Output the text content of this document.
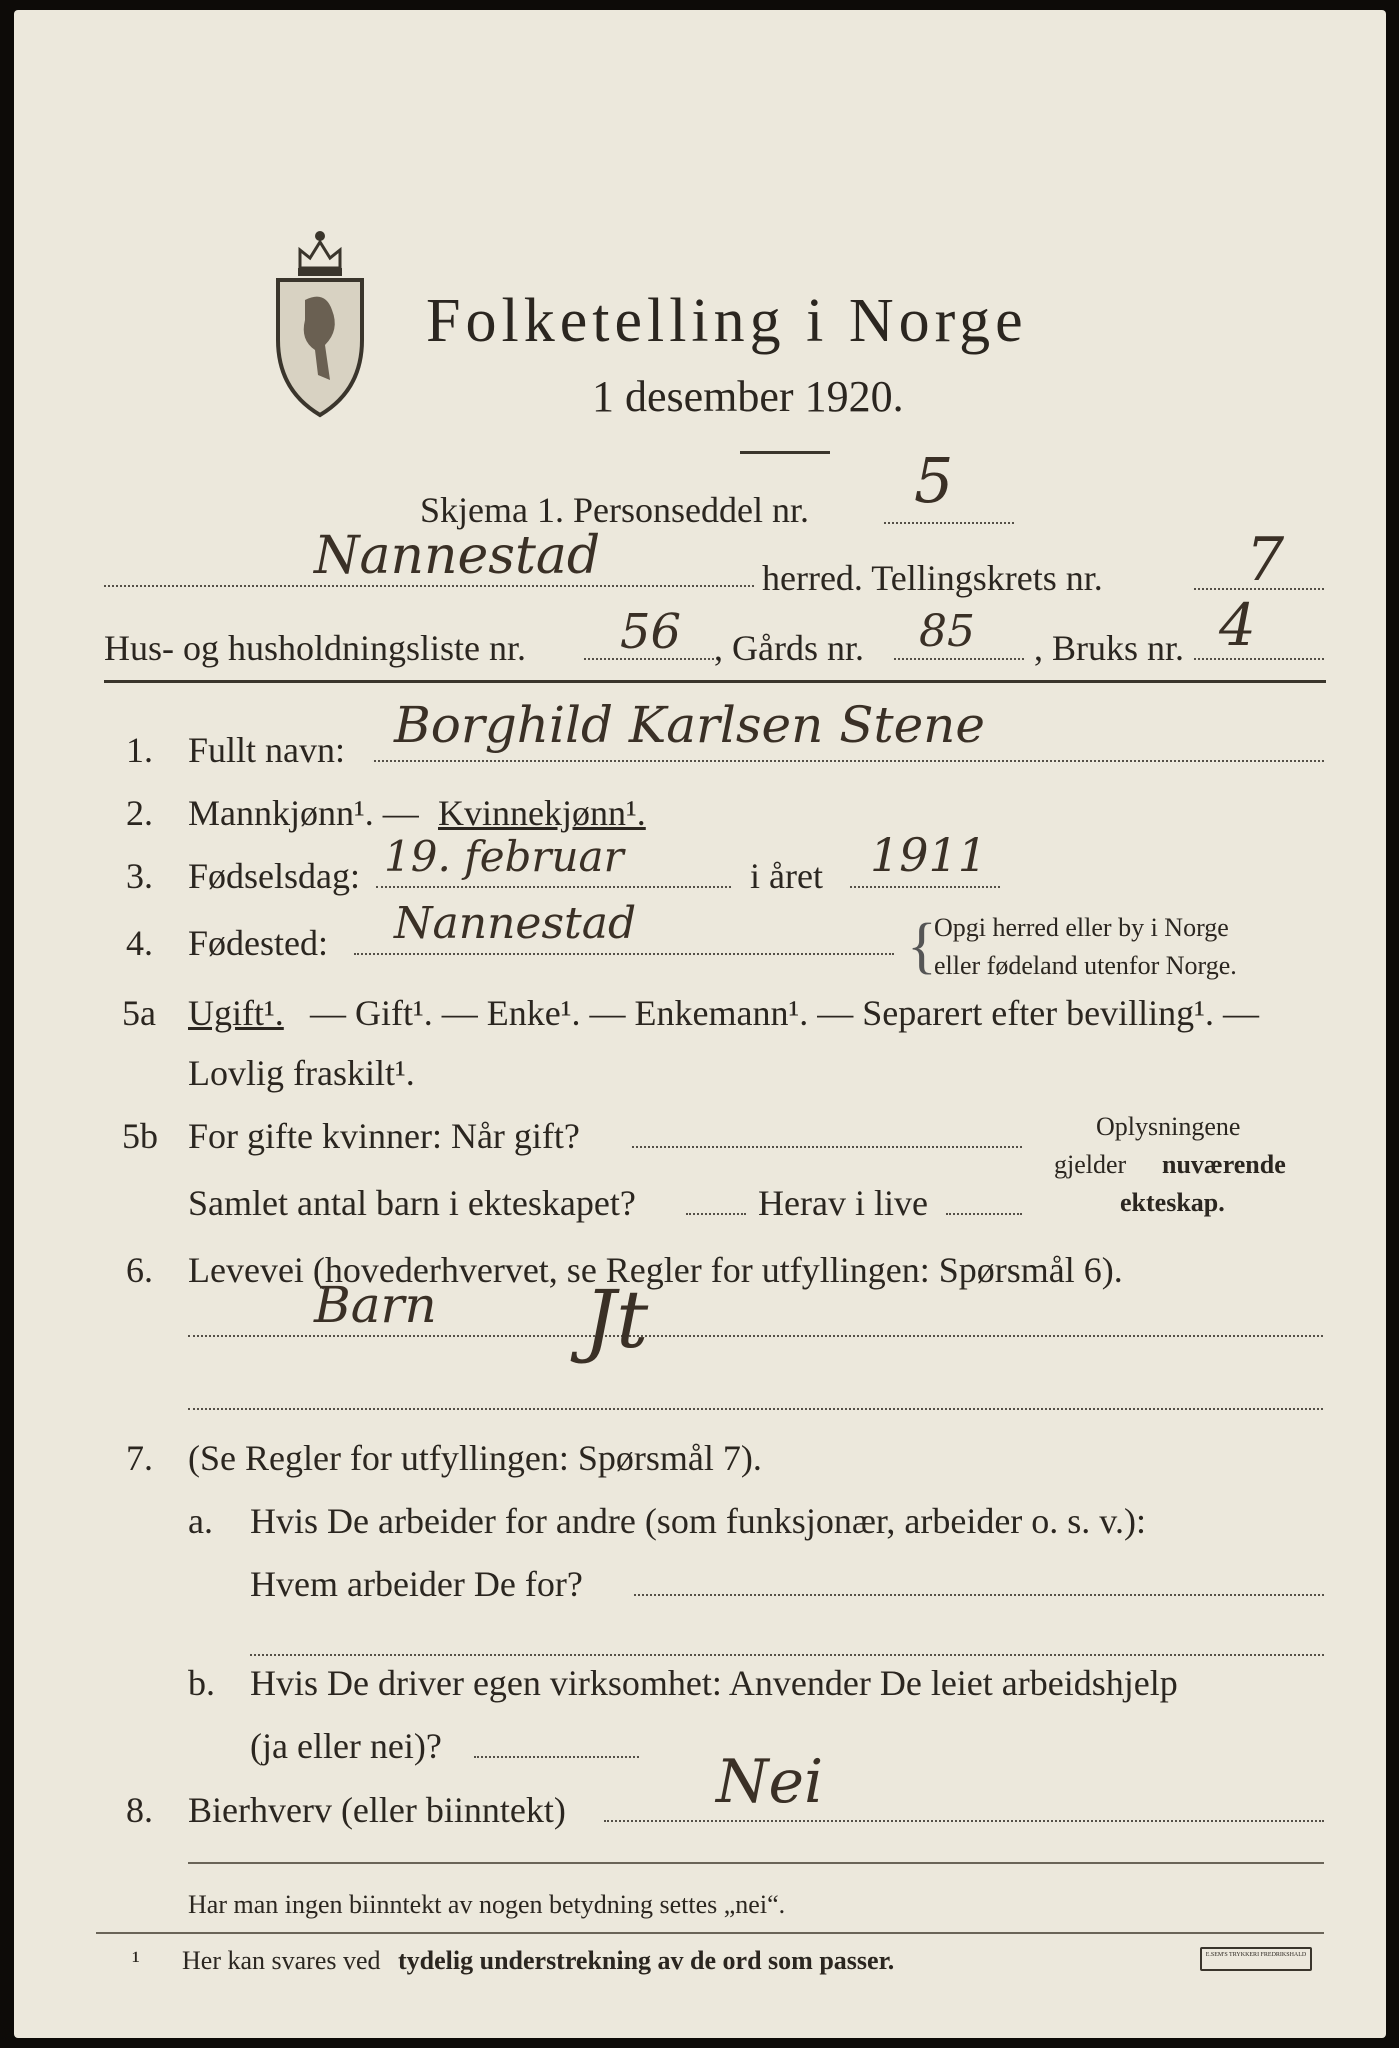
Folketelling i Norge
1 desember 1920.
Skjema 1. Personseddel nr. 5
Nannestad	herred. Tellingskrets nr. 7
Hus- og husholdningsliste nr. 56 , Gårds nr. 85 , Bruks nr. 4
1. Fullt navn: Borghild Karlsen Stene
2. Mannkjønn¹. — Kvinnekjønn¹.
3. Fødselsdag: 19. februar	i året 1911
4. Fødested: Nannestad	{
Opgi herred eller by i Norge
eller fødeland utenfor Norge.
5a Ugift¹. — Gift¹. — Enke¹. — Enkemann¹. — Separert efter bevilling¹. —
Lovlig fraskilt¹.
5b For gifte kvinner: Når gift?
Samlet antal barn i ekteskapet?	Herav i live
Oplysningene
gjelder nuværende
ekteskap.
6. Levevei (hovederhvervet, se Regler for utfyllingen: Spørsmål 6).
Barn Jt
7. (Se Regler for utfyllingen: Spørsmål 7).
a. Hvis De arbeider for andre (som funksjonær, arbeider o. s. v.):
Hvem arbeider De for?
b. Hvis De driver egen virksomhet: Anvender De leiet arbeidshjelp
(ja eller nei)?
8. Bierhverv (eller biinntekt)	Nei
Har man ingen biinntekt av nogen betydning settes „nei“.
¹ Her kan svares ved tydelig understrekning av de ord som passer.	E.SEM'S TRYKKERI FREDRIKSHALD
